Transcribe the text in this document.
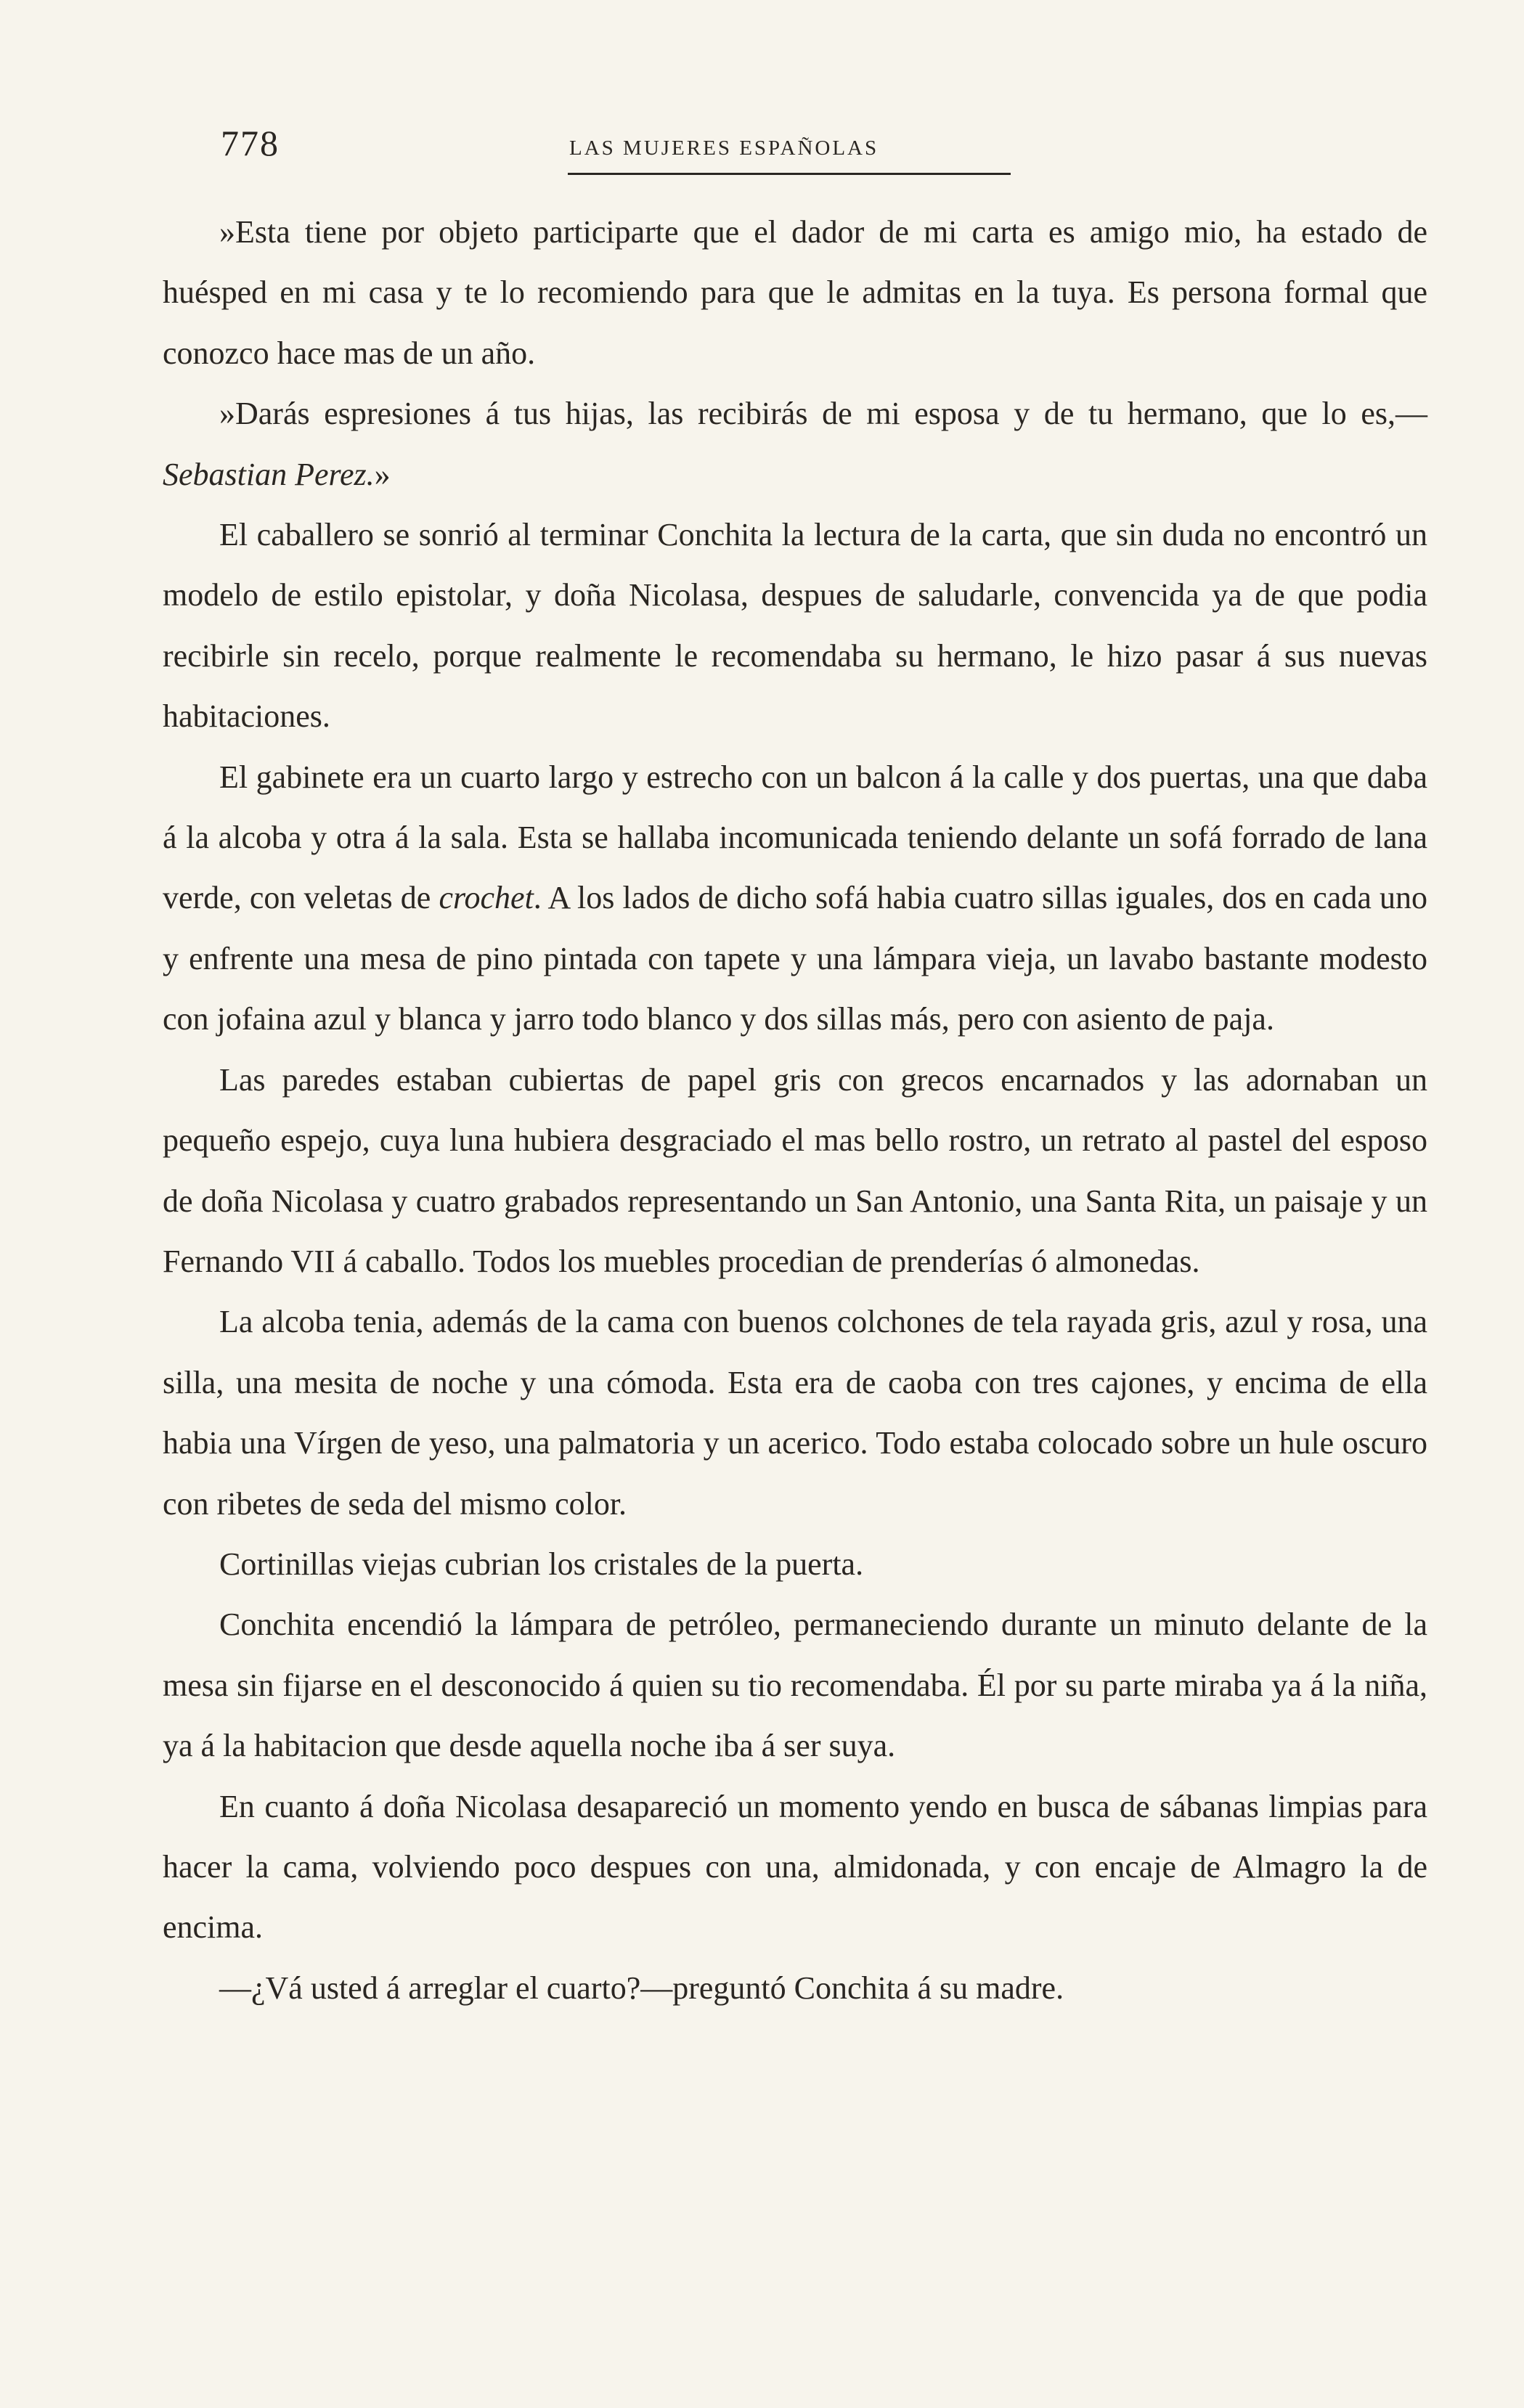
778	LAS MUJERES ESPAÑOLAS

»Esta tiene por objeto participarte que el dador de mi carta es amigo mio, ha estado de huésped en mi casa y te lo recomiendo para que le admitas en la tuya. Es persona formal que conozco hace mas de un año.

»Darás espresiones á tus hijas, las recibirás de mi esposa y de tu hermano, que lo es,—Sebastian Perez.»

El caballero se sonrió al terminar Conchita la lectura de la carta, que sin duda no encontró un modelo de estilo epistolar, y doña Nicolasa, despues de saludarle, convencida ya de que podia recibirle sin recelo, porque realmente le recomendaba su hermano, le hizo pasar á sus nuevas habitaciones.

El gabinete era un cuarto largo y estrecho con un balcon á la calle y dos puertas, una que daba á la alcoba y otra á la sala. Esta se hallaba incomunicada teniendo delante un sofá forrado de lana verde, con veletas de crochet. A los lados de dicho sofá habia cuatro sillas iguales, dos en cada uno y enfrente una mesa de pino pintada con tapete y una lámpara vieja, un lavabo bastante modesto con jofaina azul y blanca y jarro todo blanco y dos sillas más, pero con asiento de paja.

Las paredes estaban cubiertas de papel gris con grecos encarnados y las adornaban un pequeño espejo, cuya luna hubiera desgraciado el mas bello rostro, un retrato al pastel del esposo de doña Nicolasa y cuatro grabados representando un San Antonio, una Santa Rita, un paisaje y un Fernando VII á caballo. Todos los muebles procedian de prenderías ó almonedas.

La alcoba tenia, además de la cama con buenos colchones de tela rayada gris, azul y rosa, una silla, una mesita de noche y una cómoda. Esta era de caoba con tres cajones, y encima de ella habia una Vírgen de yeso, una palmatoria y un acerico. Todo estaba colocado sobre un hule oscuro con ribetes de seda del mismo color.

Cortinillas viejas cubrian los cristales de la puerta.

Conchita encendió la lámpara de petróleo, permaneciendo durante un minuto delante de la mesa sin fijarse en el desconocido á quien su tio recomendaba. Él por su parte miraba ya á la niña, ya á la habitacion que desde aquella noche iba á ser suya.

En cuanto á doña Nicolasa desapareció un momento yendo en busca de sábanas limpias para hacer la cama, volviendo poco despues con una, almidonada, y con encaje de Almagro la de encima.

—¿Vá usted á arreglar el cuarto?—preguntó Conchita á su madre.
